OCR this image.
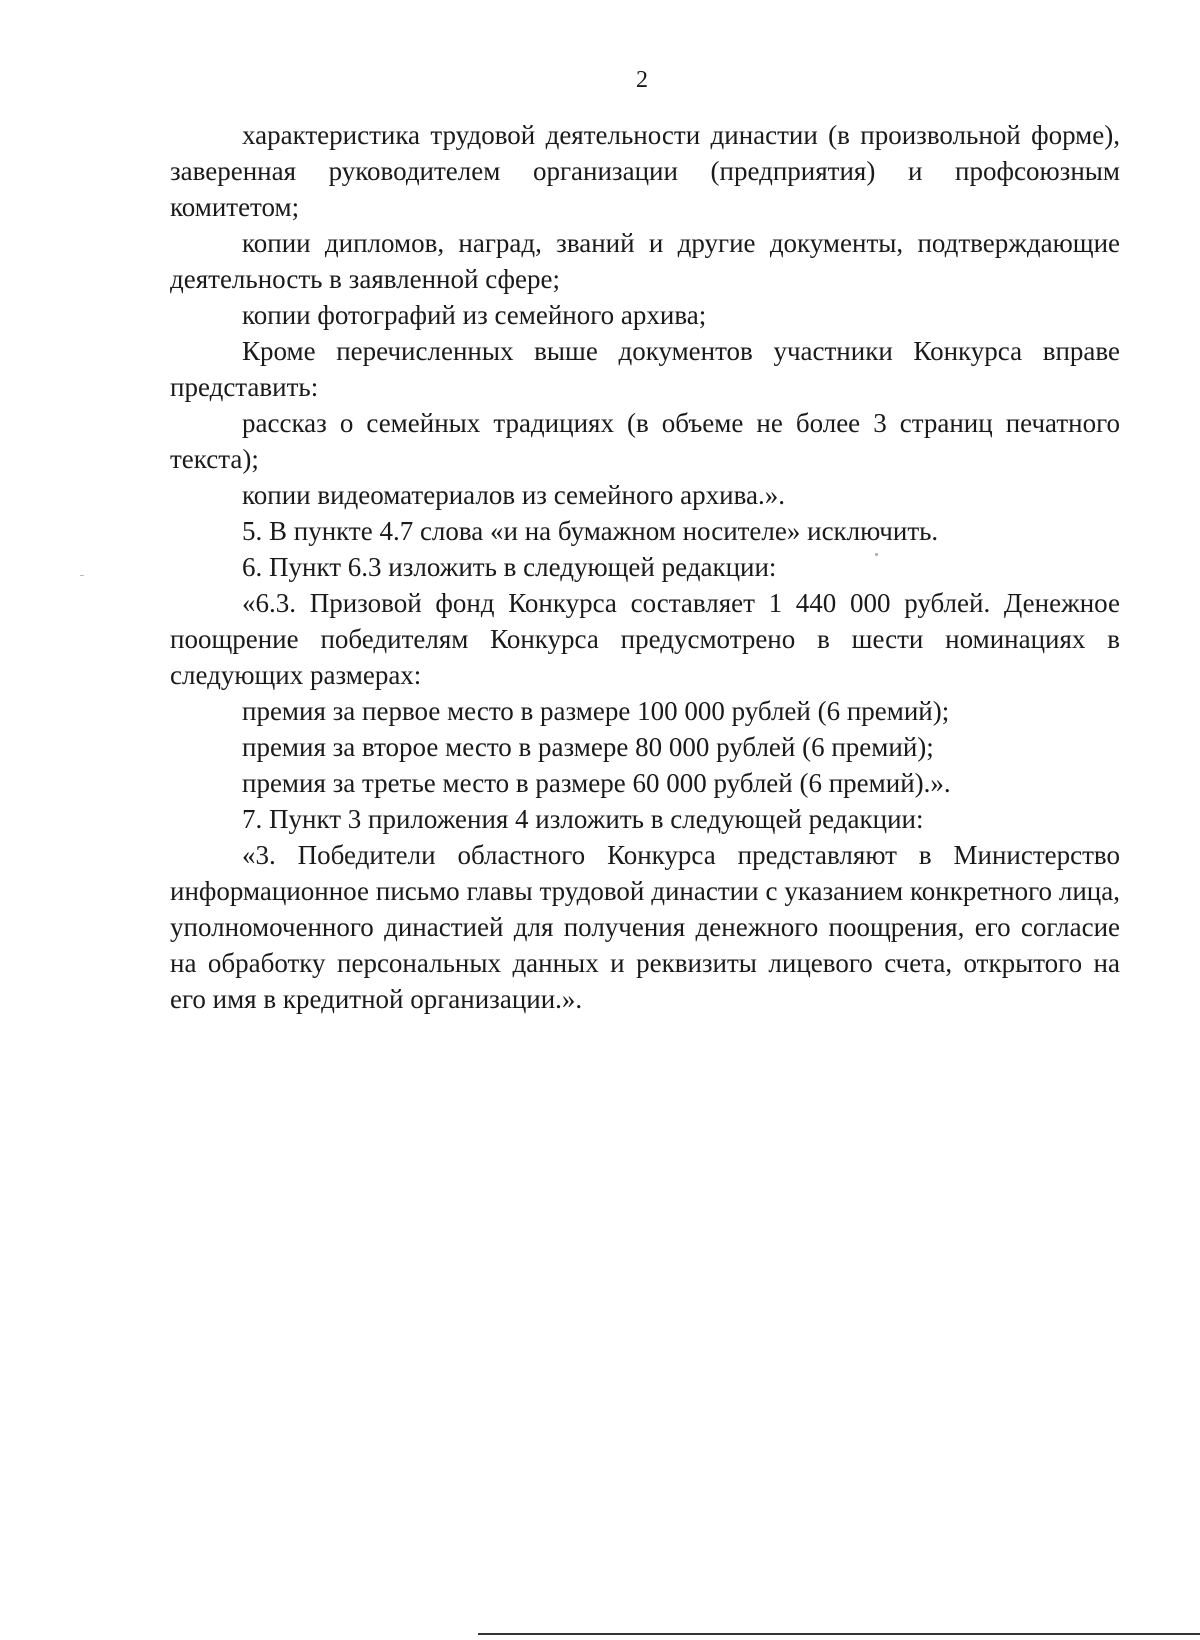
2

характеристика трудовой деятельности династии (в произвольной форме), заверенная руководителем организации (предприятия) и профсоюзным комитетом;

копии дипломов, наград, званий и другие документы, подтверждающие деятельность в заявленной сфере;

копии фотографий из семейного архива;

Кроме перечисленных выше документов участники Конкурса вправе представить:

рассказ о семейных традициях (в объеме не более 3 страниц печатного текста);

копии видеоматериалов из семейного архива.».

5. В пункте 4.7 слова «и на бумажном носителе» исключить.

6. Пункт 6.3 изложить в следующей редакции:

«6.3. Призовой фонд Конкурса составляет 1 440 000 рублей. Денежное поощрение победителям Конкурса предусмотрено в шести номинациях в следующих размерах:

премия за первое место в размере 100 000 рублей (6 премий);

премия за второе место в размере 80 000 рублей (6 премий);

премия за третье место в размере 60 000 рублей (6 премий).».

7. Пункт 3 приложения 4 изложить в следующей редакции:

«3. Победители областного Конкурса представляют в Министерство информационное письмо главы трудовой династии с указанием конкретного лица, уполномоченного династией для получения денежного поощрения, его согласие на обработку персональных данных и реквизиты лицевого счета, открытого на его имя в кредитной организации.».
